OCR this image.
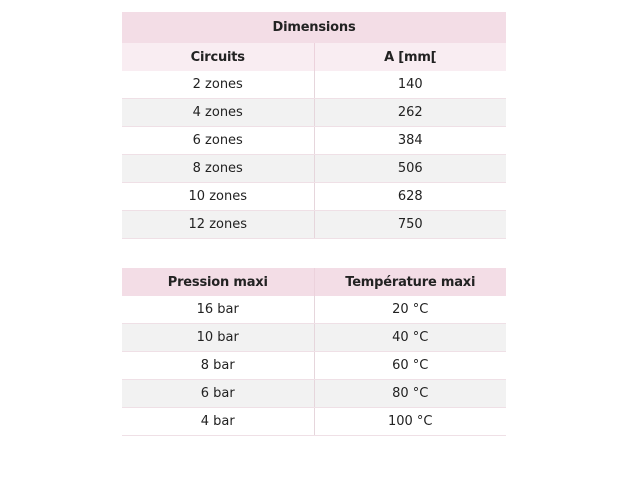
Dimensions	
Circuits	A [mm[
2 zones	140
4 zones	262
6 zones	384
8 zones	506
10 zones	628
12 zones	750
Pression maxi	Température maxi
16 bar	20 °C
10 bar	40 °C
8 bar	60 °C
6 bar	80 °C
4 bar	100 °C
